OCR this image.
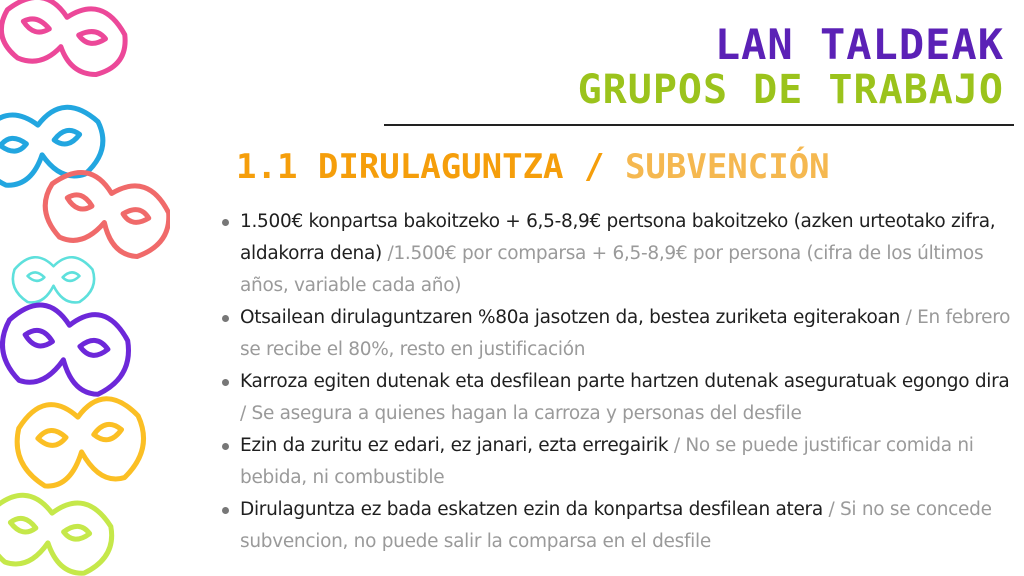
LAN TALDEAK
GRUPOS DE TRABAJO
1.1 DIRULAGUNTZA / SUBVENCIÓN
1.500€ konpartsa bakoitzeko + 6,5-8,9€ pertsona bakoitzeko (azken urteotako zifra, aldakorra dena) /1.500€ por comparsa + 6,5-8,9€ por persona (cifra de los últimos años, variable cada año)
Otsailean dirulaguntzaren %80a jasotzen da, bestea zuriketa egiterakoan / En febrero se recibe el 80%, resto en justificación
Karroza egiten dutenak eta desfilean parte hartzen dutenak aseguratuak egongo dira / Se asegura a quienes hagan la carroza y personas del desfile
Ezin da zuritu ez edari, ez janari, ezta erregairik / No se puede justificar comida ni bebida, ni combustible
Dirulaguntza ez bada eskatzen ezin da konpartsa desfilean atera / Si no se concede subvencion, no puede salir la comparsa en el desfile
